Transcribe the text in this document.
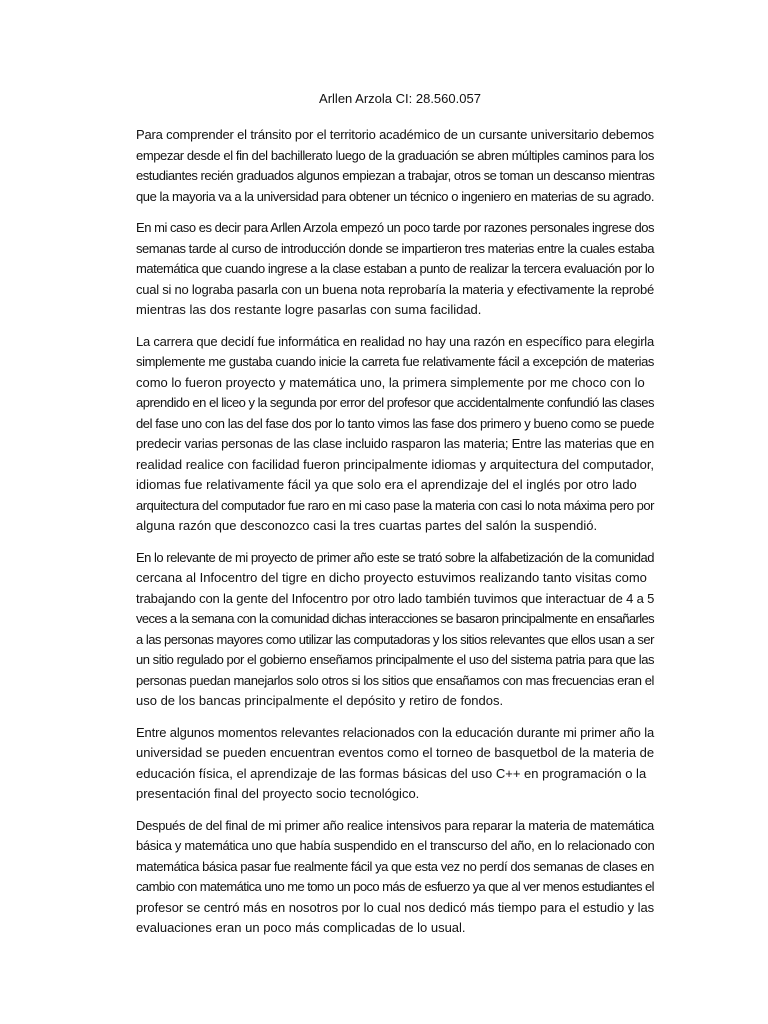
Arllen Arzola CI: 28.560.057
Para comprender el tránsito por el territorio académico de un cursante universitario debemos
empezar desde el fin del bachillerato luego de la graduación se abren múltiples caminos para los
estudiantes recién graduados algunos empiezan a trabajar, otros se toman un descanso mientras
que la mayoria va a la universidad para obtener un técnico o ingeniero en materias de su agrado.
En mi caso es decir para Arllen Arzola empezó un poco tarde por razones personales ingrese dos
semanas tarde al curso de introducción donde se impartieron tres materias entre la cuales estaba
matemática que cuando ingrese a la clase estaban a punto de realizar la tercera evaluación por lo
cual si no lograba pasarla con un buena nota reprobaría la materia y efectivamente la reprobé
mientras las dos restante logre pasarlas con suma facilidad.
La carrera que decidí fue informática en realidad no hay una razón en específico para elegirla
simplemente me gustaba cuando inicie la carreta fue relativamente fácil a excepción de materias
como lo fueron proyecto y matemática uno, la primera simplemente por me choco con lo
aprendido en el liceo y la segunda por error del profesor que accidentalmente confundió las clases
del fase uno con las del fase dos por lo tanto vimos las fase dos primero y bueno como se puede
predecir varias personas de las clase incluido rasparon las materia; Entre las materias que en
realidad realice con facilidad fueron principalmente idiomas y arquitectura del computador,
idiomas fue relativamente fácil ya que solo era el aprendizaje del el inglés por otro lado
arquitectura del computador fue raro en mi caso pase la materia con casi lo nota máxima pero por
alguna razón que desconozco casi la tres cuartas partes del salón la suspendió.
En lo relevante de mi proyecto de primer año este se trató sobre la alfabetización de la comunidad
cercana al Infocentro del tigre en dicho proyecto estuvimos realizando tanto visitas como
trabajando con la gente del Infocentro por otro lado también tuvimos que interactuar de 4 a 5
veces a la semana con la comunidad dichas interacciones se basaron principalmente en ensañarles
a las personas mayores como utilizar las computadoras y los sitios relevantes que ellos usan a ser
un sitio regulado por el gobierno enseñamos principalmente el uso del sistema patria para que las
personas puedan manejarlos solo otros si los sitios que ensañamos con mas frecuencias eran el
uso de los bancas principalmente el depósito y retiro de fondos.
Entre algunos momentos relevantes relacionados con la educación durante mi primer año la
universidad se pueden encuentran eventos como el torneo de basquetbol de la materia de
educación física, el aprendizaje de las formas básicas del uso C++ en programación o la
presentación final del proyecto socio tecnológico.
Después de del final de mi primer año realice intensivos para reparar la materia de matemática
básica y matemática uno que había suspendido en el transcurso del año, en lo relacionado con
matemática básica pasar fue realmente fácil ya que esta vez no perdí dos semanas de clases en
cambio con matemática uno me tomo un poco más de esfuerzo ya que al ver menos estudiantes el
profesor se centró más en nosotros por lo cual nos dedicó más tiempo para el estudio y las
evaluaciones eran un poco más complicadas de lo usual.
